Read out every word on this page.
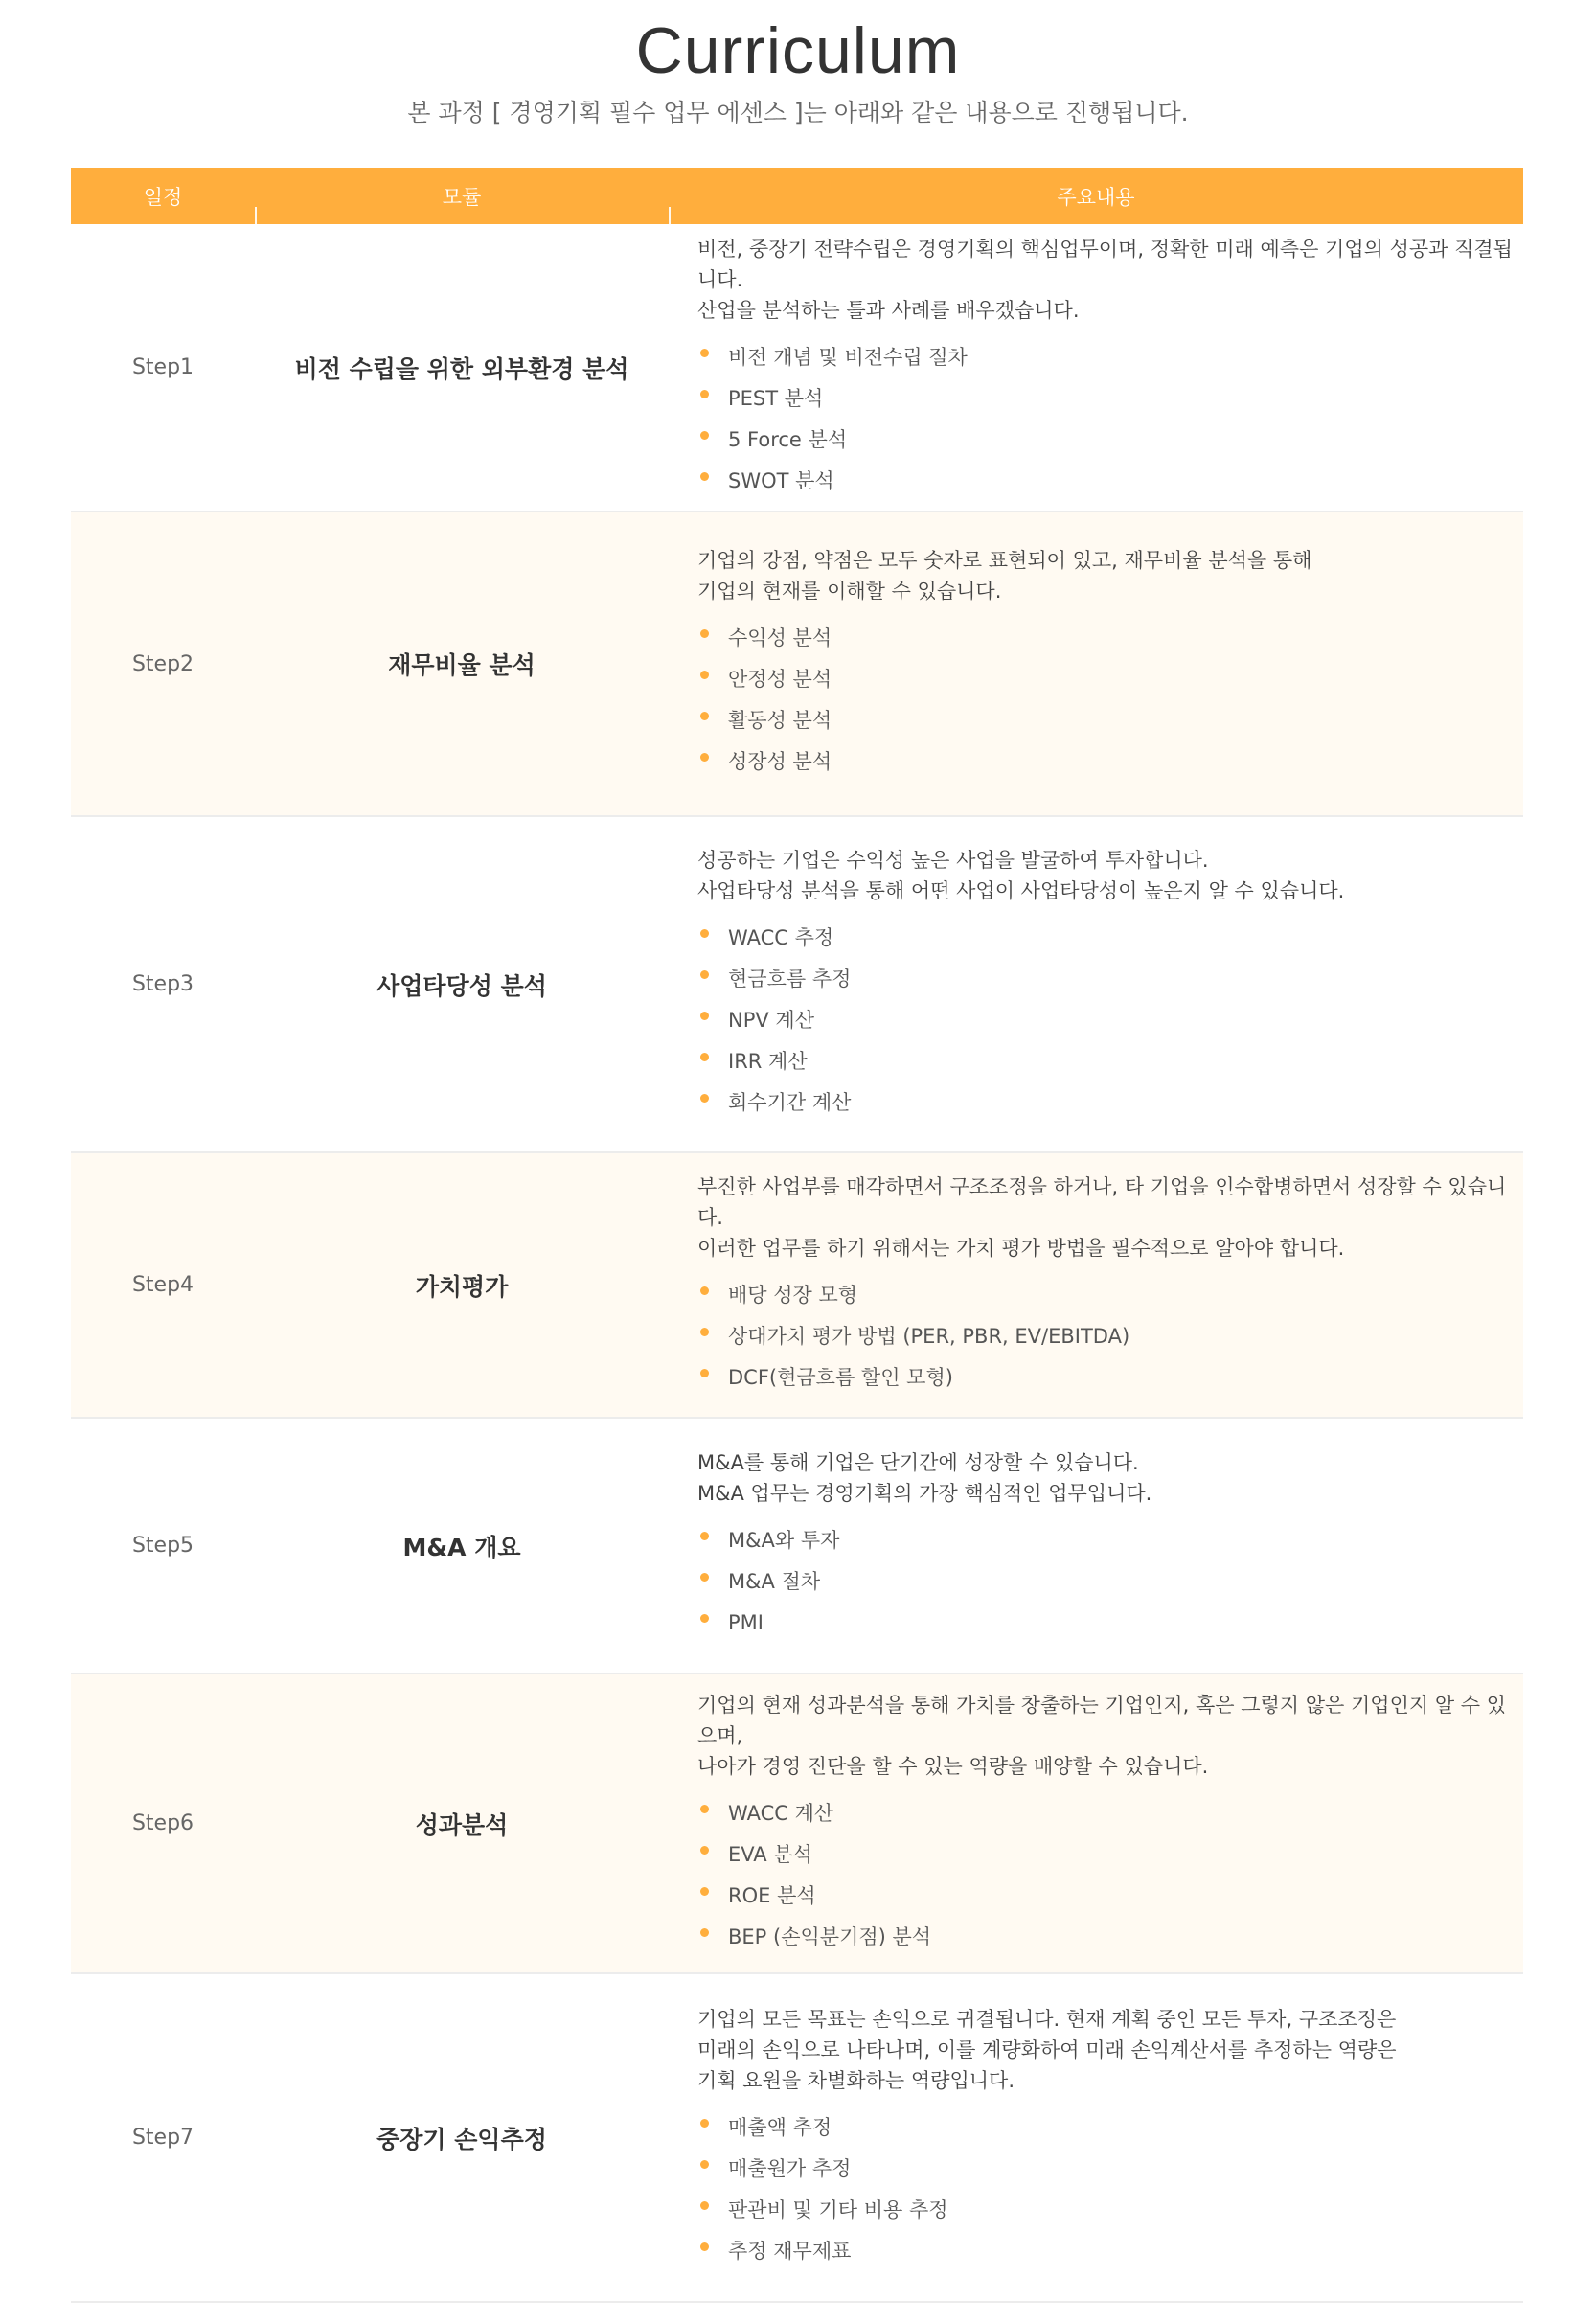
Curriculum
본 과정 [ 경영기획 필수 업무 에센스 ]는 아래와 같은 내용으로 진행됩니다.
일정	모듈	주요내용
Step1	비전 수립을 위한 외부환경 분석
비전, 중장기 전략수립은 경영기획의 핵심업무이며, 정확한 미래 예측은 기업의 성공과 직결됩니다.
산업을 분석하는 틀과 사례를 배우겠습니다.
비전 개념 및 비전수립 절차
PEST 분석
5 Force 분석
SWOT 분석
Step2	재무비율 분석
기업의 강점, 약점은 모두 숫자로 표현되어 있고, 재무비율 분석을 통해
기업의 현재를 이해할 수 있습니다.
수익성 분석
안정성 분석
활동성 분석
성장성 분석
Step3	사업타당성 분석
성공하는 기업은 수익성 높은 사업을 발굴하여 투자합니다.
사업타당성 분석을 통해 어떤 사업이 사업타당성이 높은지 알 수 있습니다.
WACC 추정
현금흐름 추정
NPV 계산
IRR 계산
회수기간 계산
Step4	가치평가
부진한 사업부를 매각하면서 구조조정을 하거나, 타 기업을 인수합병하면서 성장할 수 있습니다.
이러한 업무를 하기 위해서는 가치 평가 방법을 필수적으로 알아야 합니다.
배당 성장 모형
상대가치 평가 방법 (PER, PBR, EV/EBITDA)
DCF(현금흐름 할인 모형)
Step5	M&A 개요
M&A를 통해 기업은 단기간에 성장할 수 있습니다.
M&A 업무는 경영기획의 가장 핵심적인 업무입니다.
M&A와 투자
M&A 절차
PMI
Step6	성과분석
기업의 현재 성과분석을 통해 가치를 창출하는 기업인지, 혹은 그렇지 않은 기업인지 알 수 있으며,
나아가 경영 진단을 할 수 있는 역량을 배양할 수 있습니다.
WACC 계산
EVA 분석
ROE 분석
BEP (손익분기점) 분석
Step7	중장기 손익추정
기업의 모든 목표는 손익으로 귀결됩니다. 현재 계획 중인 모든 투자, 구조조정은
미래의 손익으로 나타나며, 이를 계량화하여 미래 손익계산서를 추정하는 역량은
기획 요원을 차별화하는 역량입니다.
매출액 추정
매출원가 추정
판관비 및 기타 비용 추정
추정 재무제표
